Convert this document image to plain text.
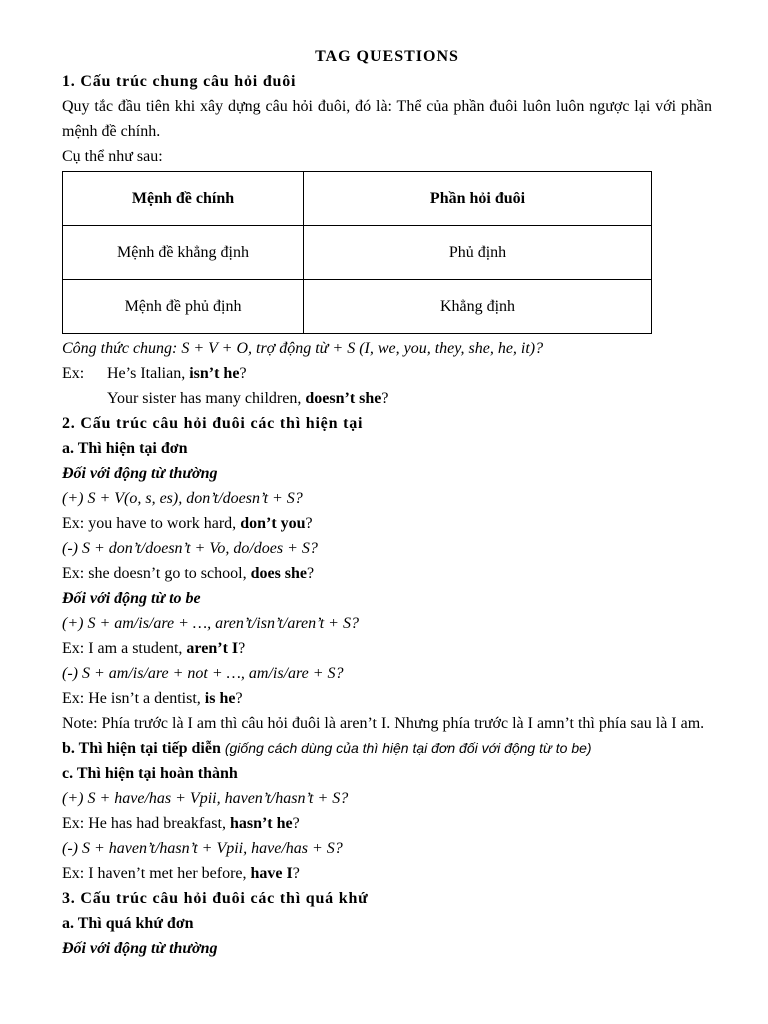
TAG QUESTIONS
1. Cấu trúc chung câu hỏi đuôi
Quy tắc đầu tiên khi xây dựng câu hỏi đuôi, đó là: Thể của phần đuôi luôn luôn ngược lại với phần mệnh đề chính.
Cụ thể như sau:
Mệnh đề chính	Phần hỏi đuôi
Mệnh đề khẳng định	Phủ định
Mệnh đề phủ định	Khẳng định
Công thức chung: S + V + O, trợ động từ + S (I, we, you, they, she, he, it)?
Ex: He’s Italian, isn’t he?
Your sister has many children, doesn’t she?
2. Cấu trúc câu hỏi đuôi các thì hiện tại
a. Thì hiện tại đơn
Đối với động từ thường
(+) S + V(o, s, es), don’t/doesn’t + S?
Ex: you have to work hard, don’t you?
(-) S + don’t/doesn’t + Vo, do/does + S?
Ex: she doesn’t go to school, does she?
Đối với động từ to be
(+) S + am/is/are + …, aren’t/isn’t/aren’t + S?
Ex: I am a student, aren’t I?
(-) S + am/is/are + not + …, am/is/are + S?
Ex: He isn’t a dentist, is he?
Note: Phía trước là I am thì câu hỏi đuôi là aren’t I. Nhưng phía trước là I amn’t thì phía sau là I am.
b. Thì hiện tại tiếp diễn (giống cách dùng của thì hiện tại đơn đối với động từ to be)
c. Thì hiện tại hoàn thành
(+) S + have/has + Vpii, haven’t/hasn’t + S?
Ex: He has had breakfast, hasn’t he?
(-) S + haven’t/hasn’t + Vpii, have/has + S?
Ex: I haven’t met her before, have I?
3. Cấu trúc câu hỏi đuôi các thì quá khứ
a. Thì quá khứ đơn
Đối với động từ thường
